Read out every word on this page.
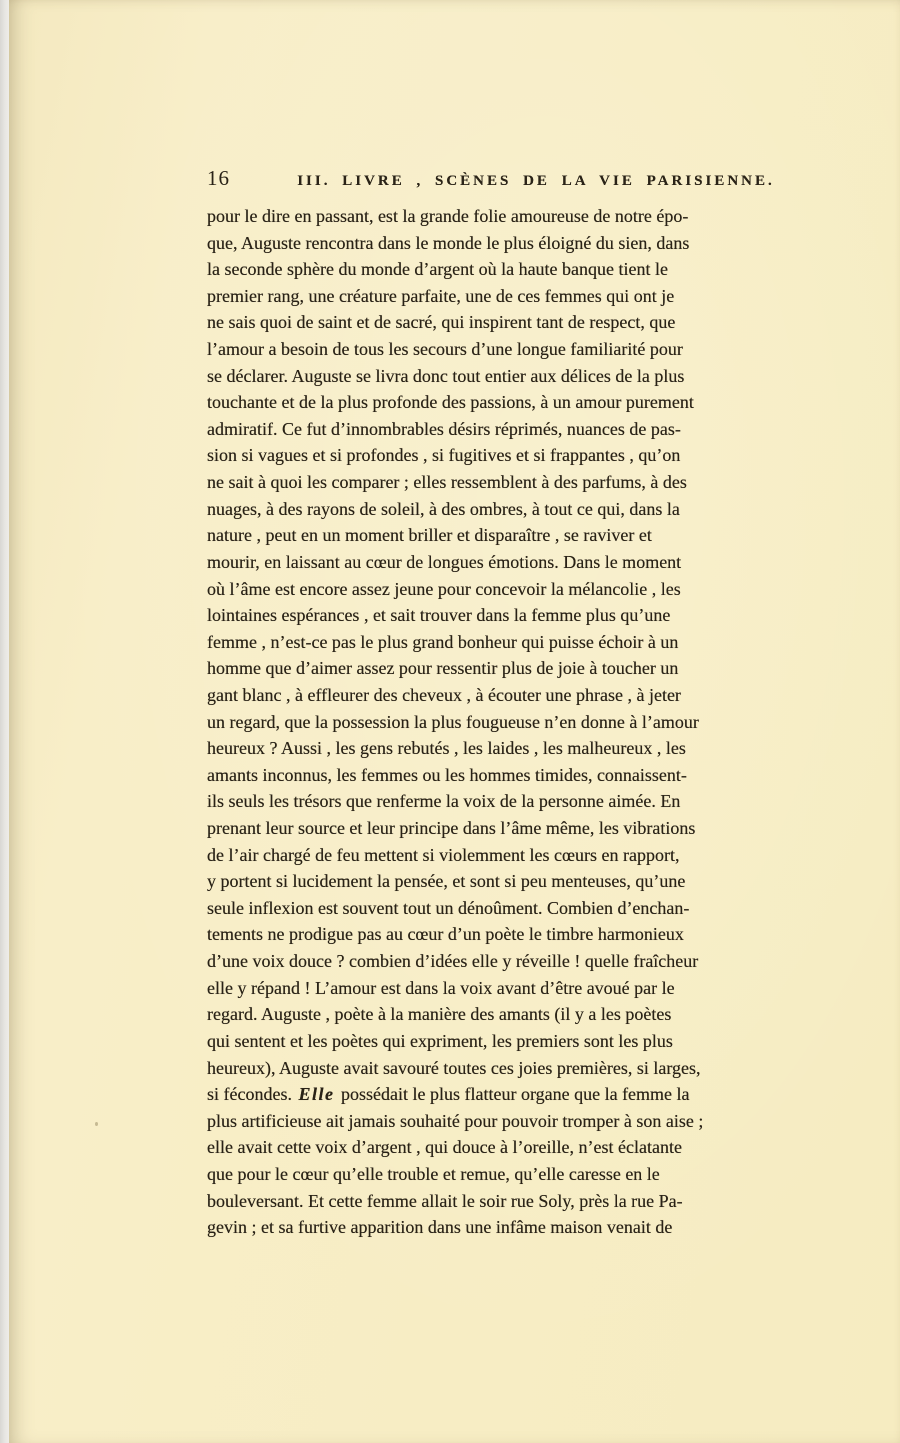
16	III. LIVRE , SCÈNES DE LA VIE PARISIENNE.
pour le dire en passant, est la grande folie amoureuse de notre épo-
que, Auguste rencontra dans le monde le plus éloigné du sien, dans
la seconde sphère du monde d’argent où la haute banque tient le
premier rang, une créature parfaite, une de ces femmes qui ont je
ne sais quoi de saint et de sacré, qui inspirent tant de respect, que
l’amour a besoin de tous les secours d’une longue familiarité pour
se déclarer. Auguste se livra donc tout entier aux délices de la plus
touchante et de la plus profonde des passions, à un amour purement
admiratif. Ce fut d’innombrables désirs réprimés, nuances de pas-
sion si vagues et si profondes , si fugitives et si frappantes , qu’on
ne sait à quoi les comparer ; elles ressemblent à des parfums, à des
nuages, à des rayons de soleil, à des ombres, à tout ce qui, dans la
nature , peut en un moment briller et disparaître , se raviver et
mourir, en laissant au cœur de longues émotions. Dans le moment
où l’âme est encore assez jeune pour concevoir la mélancolie , les
lointaines espérances , et sait trouver dans la femme plus qu’une
femme , n’est-ce pas le plus grand bonheur qui puisse échoir à un
homme que d’aimer assez pour ressentir plus de joie à toucher un
gant blanc , à effleurer des cheveux , à écouter une phrase , à jeter
un regard, que la possession la plus fougueuse n’en donne à l’amour
heureux ? Aussi , les gens rebutés , les laides , les malheureux , les
amants inconnus, les femmes ou les hommes timides, connaissent-
ils seuls les trésors que renferme la voix de la personne aimée. En
prenant leur source et leur principe dans l’âme même, les vibrations
de l’air chargé de feu mettent si violemment les cœurs en rapport,
y portent si lucidement la pensée, et sont si peu menteuses, qu’une
seule inflexion est souvent tout un dénoûment. Combien d’enchan-
tements ne prodigue pas au cœur d’un poète le timbre harmonieux
d’une voix douce ? combien d’idées elle y réveille ! quelle fraîcheur
elle y répand ! L’amour est dans la voix avant d’être avoué par le
regard. Auguste , poète à la manière des amants (il y a les poètes
qui sentent et les poètes qui expriment, les premiers sont les plus
heureux), Auguste avait savouré toutes ces joies premières, si larges,
si fécondes. Elle possédait le plus flatteur organe que la femme la
plus artificieuse ait jamais souhaité pour pouvoir tromper à son aise ;
elle avait cette voix d’argent , qui douce à l’oreille, n’est éclatante
que pour le cœur qu’elle trouble et remue, qu’elle caresse en le
bouleversant. Et cette femme allait le soir rue Soly, près la rue Pa-
gevin ; et sa furtive apparition dans une infâme maison venait de
